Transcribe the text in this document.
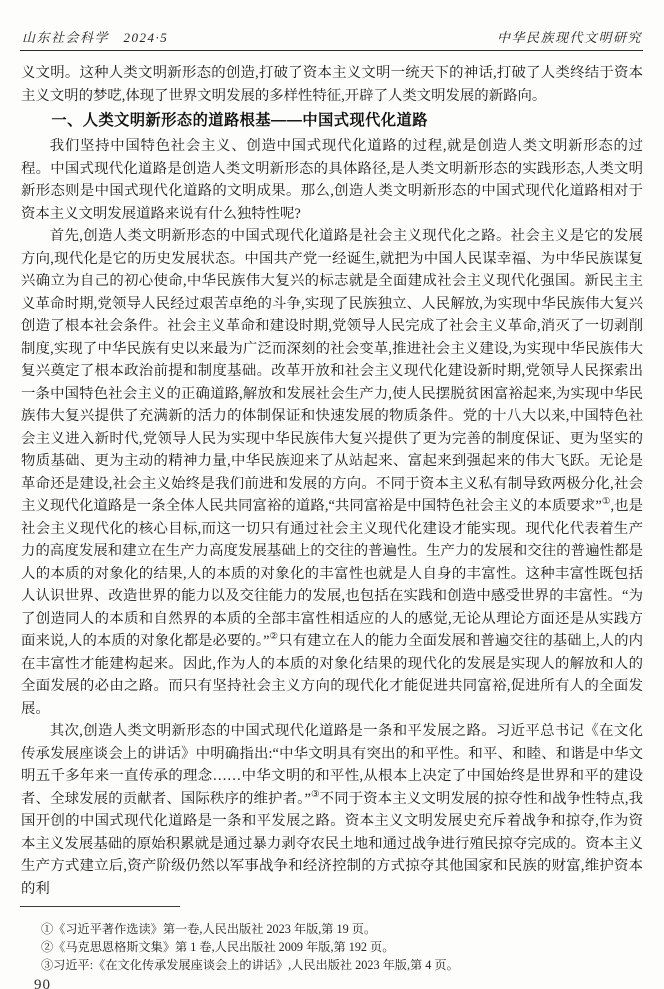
山东社会科学　2024·5	中华民族现代文明研究

义文明。这种人类文明新形态的创造,打破了资本主义文明一统天下的神话,打破了人类终结于资本主义文明的梦呓,体现了世界文明发展的多样性特征,开辟了人类文明发展的新路向。

一、人类文明新形态的道路根基——中国式现代化道路

我们坚持中国特色社会主义、创造中国式现代化道路的过程,就是创造人类文明新形态的过程。中国式现代化道路是创造人类文明新形态的具体路径,是人类文明新形态的实践形态,人类文明新形态则是中国式现代化道路的文明成果。那么,创造人类文明新形态的中国式现代化道路相对于资本主义文明发展道路来说有什么独特性呢?

首先,创造人类文明新形态的中国式现代化道路是社会主义现代化之路。社会主义是它的发展方向,现代化是它的历史发展状态。中国共产党一经诞生,就把为中国人民谋幸福、为中华民族谋复兴确立为自己的初心使命,中华民族伟大复兴的标志就是全面建成社会主义现代化强国。新民主主义革命时期,党领导人民经过艰苦卓绝的斗争,实现了民族独立、人民解放,为实现中华民族伟大复兴创造了根本社会条件。社会主义革命和建设时期,党领导人民完成了社会主义革命,消灭了一切剥削制度,实现了中华民族有史以来最为广泛而深刻的社会变革,推进社会主义建设,为实现中华民族伟大复兴奠定了根本政治前提和制度基础。改革开放和社会主义现代化建设新时期,党领导人民探索出一条中国特色社会主义的正确道路,解放和发展社会生产力,使人民摆脱贫困富裕起来,为实现中华民族伟大复兴提供了充满新的活力的体制保证和快速发展的物质条件。党的十八大以来,中国特色社会主义进入新时代,党领导人民为实现中华民族伟大复兴提供了更为完善的制度保证、更为坚实的物质基础、更为主动的精神力量,中华民族迎来了从站起来、富起来到强起来的伟大飞跃。无论是革命还是建设,社会主义始终是我们前进和发展的方向。不同于资本主义私有制导致两极分化,社会主义现代化道路是一条全体人民共同富裕的道路,“共同富裕是中国特色社会主义的本质要求”①,也是社会主义现代化的核心目标,而这一切只有通过社会主义现代化建设才能实现。现代化代表着生产力的高度发展和建立在生产力高度发展基础上的交往的普遍性。生产力的发展和交往的普遍性都是人的本质的对象化的结果,人的本质的对象化的丰富性也就是人自身的丰富性。这种丰富性既包括人认识世界、改造世界的能力以及交往能力的发展,也包括在实践和创造中感受世界的丰富性。“为了创造同人的本质和自然界的本质的全部丰富性相适应的人的感觉,无论从理论方面还是从实践方面来说,人的本质的对象化都是必要的。”②只有建立在人的能力全面发展和普遍交往的基础上,人的内在丰富性才能建构起来。因此,作为人的本质的对象化结果的现代化的发展是实现人的解放和人的全面发展的必由之路。而只有坚持社会主义方向的现代化才能促进共同富裕,促进所有人的全面发展。

其次,创造人类文明新形态的中国式现代化道路是一条和平发展之路。习近平总书记《在文化传承发展座谈会上的讲话》中明确指出:“中华文明具有突出的和平性。和平、和睦、和谐是中华文明五千多年来一直传承的理念……中华文明的和平性,从根本上决定了中国始终是世界和平的建设者、全球发展的贡献者、国际秩序的维护者。”③不同于资本主义文明发展的掠夺性和战争性特点,我国开创的中国式现代化道路是一条和平发展之路。资本主义文明发展史充斥着战争和掠夺,作为资本主义发展基础的原始积累就是通过暴力剥夺农民土地和通过战争进行殖民掠夺完成的。资本主义生产方式建立后,资产阶级仍然以军事战争和经济控制的方式掠夺其他国家和民族的财富,维护资本的利

①《习近平著作选读》第一卷,人民出版社 2023 年版,第 19 页。

②《马克思恩格斯文集》第 1 卷,人民出版社 2009 年版,第 192 页。

③习近平:《在文化传承发展座谈会上的讲话》,人民出版社 2023 年版,第 4 页。

90
